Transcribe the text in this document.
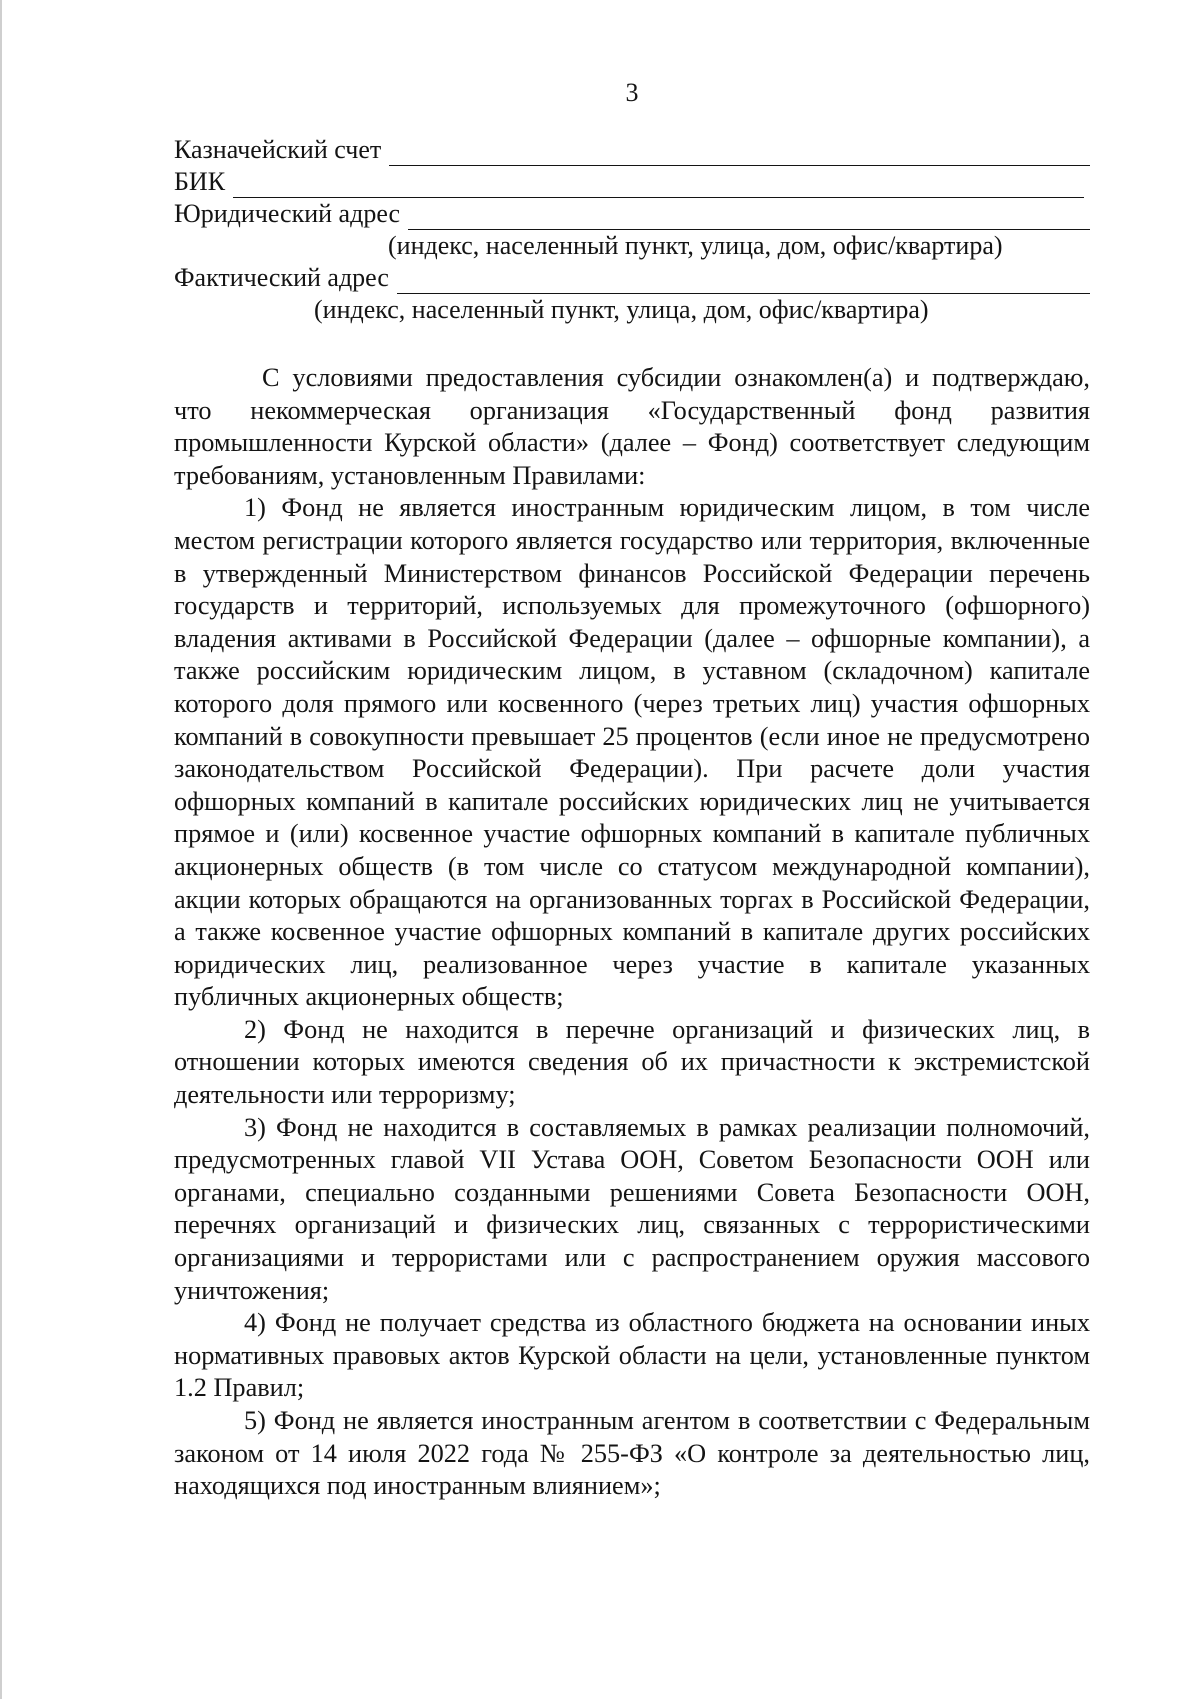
3
Казначейский счет
БИК
Юридический адрес
(индекс, населенный пункт, улица, дом, офис/квартира)
Фактический адрес
(индекс, населенный пункт, улица, дом, офис/квартира)

С условиями предоставления субсидии ознакомлен(а) и подтверждаю, что некоммерческая организация «Государственный фонд развития промышленности Курской области» (далее – Фонд) соответствует следующим требованиям, установленным Правилами:

1) Фонд не является иностранным юридическим лицом, в том числе местом регистрации которого является государство или территория, включенные в утвержденный Министерством финансов Российской Федерации перечень государств и территорий, используемых для промежуточного (офшорного) владения активами в Российской Федерации (далее – офшорные компании), а также российским юридическим лицом, в уставном (складочном) капитале которого доля прямого или косвенного (через третьих лиц) участия офшорных компаний в совокупности превышает 25 процентов (если иное не предусмотрено законодательством Российской Федерации). При расчете доли участия офшорных компаний в капитале российских юридических лиц не учитывается прямое и (или) косвенное участие офшорных компаний в капитале публичных акционерных обществ (в том числе со статусом международной компании), акции которых обращаются на организованных торгах в Российской Федерации, а также косвенное участие офшорных компаний в капитале других российских юридических лиц, реализованное через участие в капитале указанных публичных акционерных обществ;

2) Фонд не находится в перечне организаций и физических лиц, в отношении которых имеются сведения об их причастности к экстремистской деятельности или терроризму;

3) Фонд не находится в составляемых в рамках реализации полномочий, предусмотренных главой VII Устава ООН, Советом Безопасности ООН или органами, специально созданными решениями Совета Безопасности ООН, перечнях организаций и физических лиц, связанных с террористическими организациями и террористами или с распространением оружия массового уничтожения;

4) Фонд не получает средства из областного бюджета на основании иных нормативных правовых актов Курской области на цели, установленные пунктом 1.2 Правил;

5) Фонд не является иностранным агентом в соответствии с Федеральным законом от 14 июля 2022 года № 255-ФЗ «О контроле за деятельностью лиц, находящихся под иностранным влиянием»;
